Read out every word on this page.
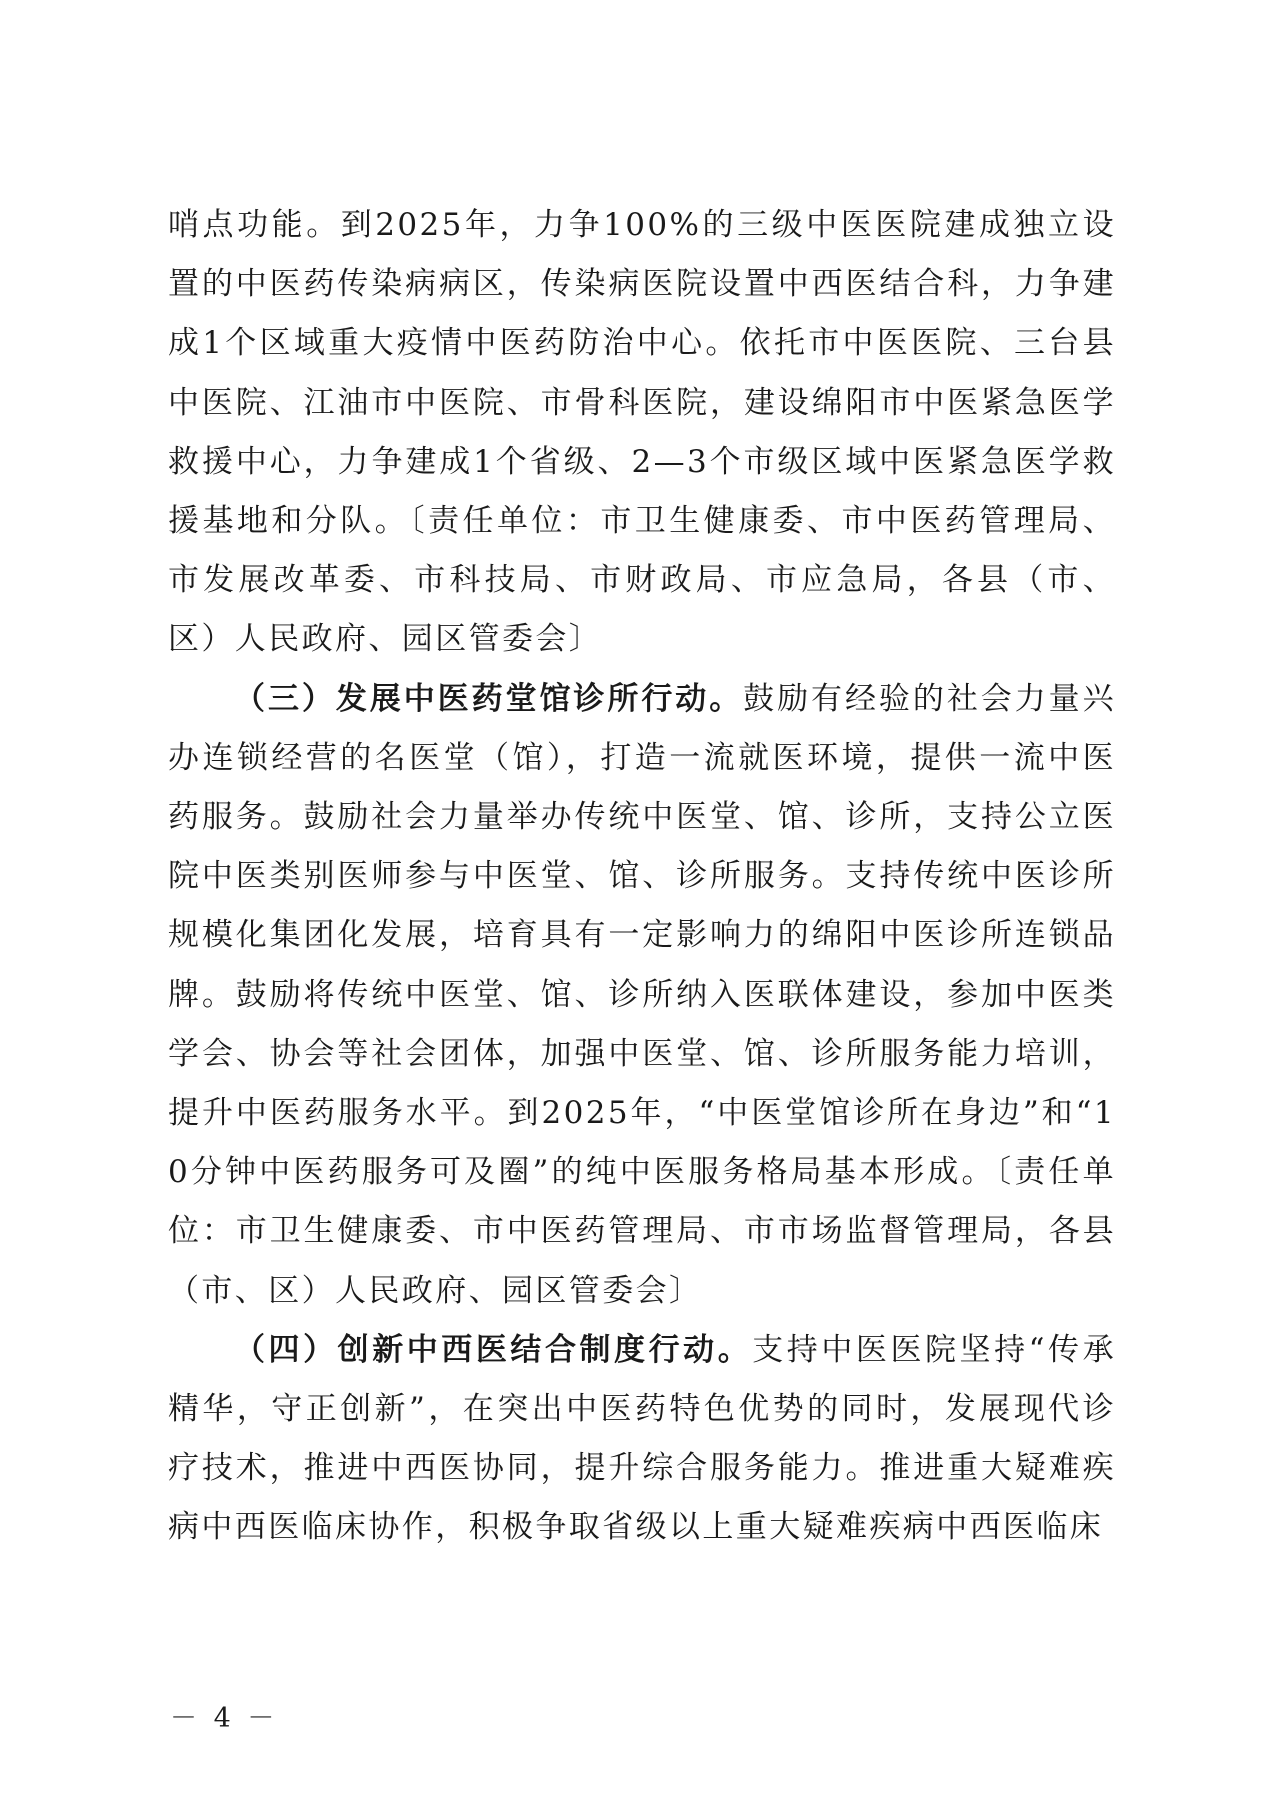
哨点功能。到2025年，力争100%的三级中医医院建成独立设置的中医药传染病病区，传染病医院设置中西医结合科，力争建成1个区域重大疫情中医药防治中心。依托市中医医院、三台县中医院、江油市中医院、市骨科医院，建设绵阳市中医紧急医学救援中心，力争建成1个省级、2—3个市级区域中医紧急医学救援基地和分队。〔责任单位：市卫生健康委、市中医药管理局、市发展改革委、市科技局、市财政局、市应急局，各县（市、区）人民政府、园区管委会〕

（三）发展中医药堂馆诊所行动。鼓励有经验的社会力量兴办连锁经营的名医堂（馆），打造一流就医环境，提供一流中医药服务。鼓励社会力量举办传统中医堂、馆、诊所，支持公立医院中医类别医师参与中医堂、馆、诊所服务。支持传统中医诊所规模化集团化发展，培育具有一定影响力的绵阳中医诊所连锁品牌。鼓励将传统中医堂、馆、诊所纳入医联体建设，参加中医类学会、协会等社会团体，加强中医堂、馆、诊所服务能力培训，提升中医药服务水平。到2025年，“中医堂馆诊所在身边”和“10分钟中医药服务可及圈”的纯中医服务格局基本形成。〔责任单位：市卫生健康委、市中医药管理局、市市场监督管理局，各县（市、区）人民政府、园区管委会〕

（四）创新中西医结合制度行动。支持中医医院坚持“传承精华，守正创新”，在突出中医药特色优势的同时，发展现代诊疗技术，推进中西医协同，提升综合服务能力。推进重大疑难疾病中西医临床协作，积极争取省级以上重大疑难疾病中西医临床

－ 4 －
